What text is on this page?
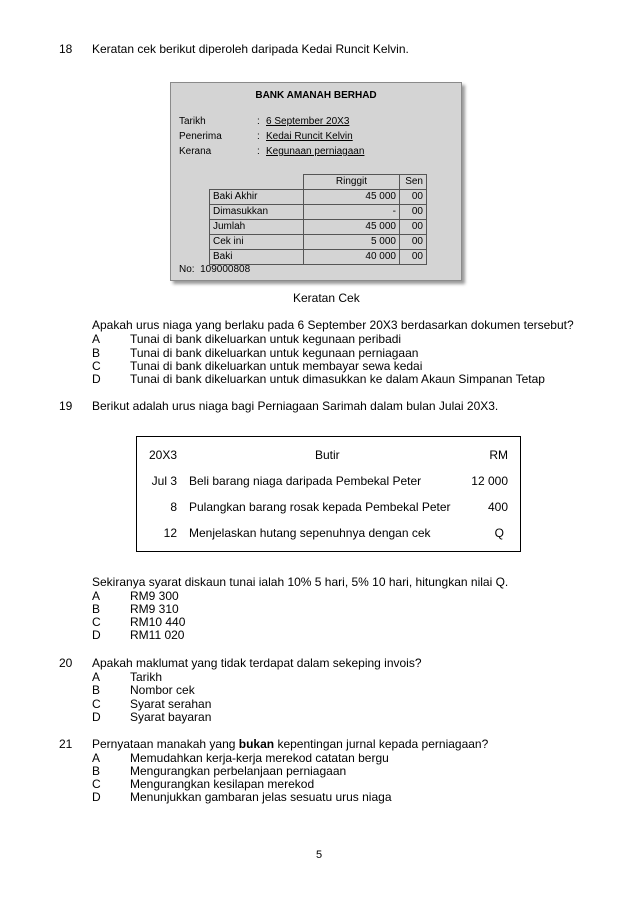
18 Keratan cek berikut diperoleh daripada Kedai Runcit Kelvin.
BANK AMANAH BERHAD
Tarikh	: 6 September 20X3
Penerima	: Kedai Runcit Kelvin
Kerana	: Kegunaan perniagaan
	Ringgit	Sen
Baki Akhir	45 000	00
Dimasukkan	-	00
Jumlah	45 000	00
Cek ini	5 000	00
Baki	40 000	00
No:  109000808
Keratan Cek
Apakah urus niaga yang berlaku pada 6 September 20X3 berdasarkan dokumen tersebut?
A Tunai di bank dikeluarkan untuk kegunaan peribadi
B Tunai di bank dikeluarkan untuk kegunaan perniagaan
C Tunai di bank dikeluarkan untuk membayar sewa kedai
D Tunai di bank dikeluarkan untuk dimasukkan ke dalam Akaun Simpanan Tetap
19 Berikut adalah urus niaga bagi Perniagaan Sarimah dalam bulan Julai 20X3.
20X3	Butir	RM
Jul 3 Beli barang niaga daripada Pembekal Peter	12 000
8 Pulangkan barang rosak kepada Pembekal Peter	400
12 Menjelaskan hutang sepenuhnya dengan cek	Q
Sekiranya syarat diskaun tunai ialah 10% 5 hari, 5% 10 hari, hitungkan nilai Q.
A RM9 300
B RM9 310
C RM10 440
D RM11 020
20 Apakah maklumat yang tidak terdapat dalam sekeping invois?
A Tarikh
B Nombor cek
C Syarat serahan
D Syarat bayaran
21 Pernyataan manakah yang bukan kepentingan jurnal kepada perniagaan?
A Memudahkan kerja-kerja merekod catatan bergu
B Mengurangkan perbelanjaan perniagaan
C Mengurangkan kesilapan merekod
D Menunjukkan gambaran jelas sesuatu urus niaga
5
